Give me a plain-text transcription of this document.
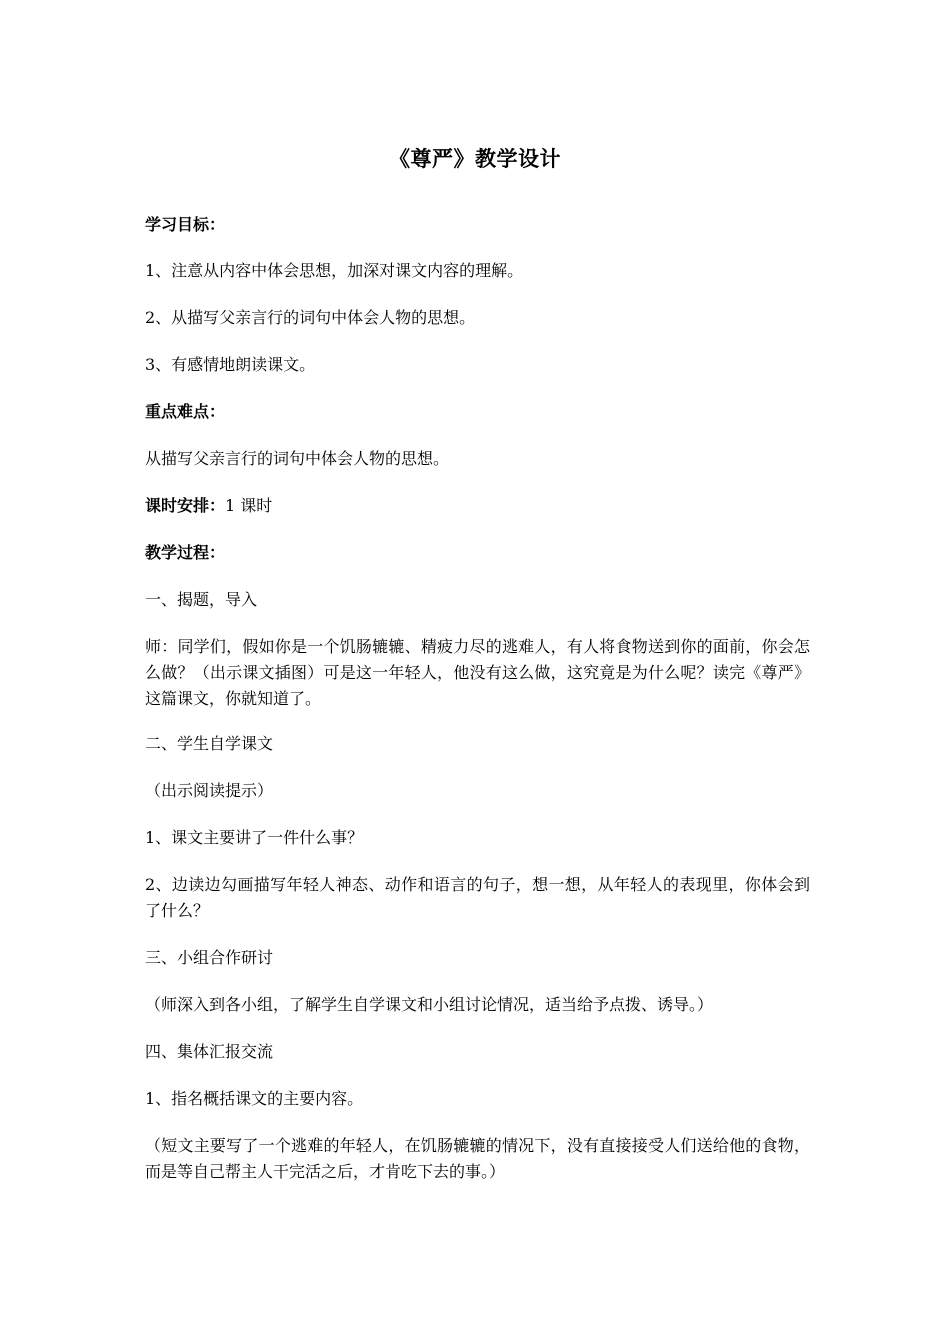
《尊严》教学设计
学习目标：
1、注意从内容中体会思想，加深对课文内容的理解。
2、从描写父亲言行的词句中体会人物的思想。
3、有感情地朗读课文。
重点难点：
从描写父亲言行的词句中体会人物的思想。
课时安排：1 课时
教学过程：
一、揭题，导入
师：同学们，假如你是一个饥肠辘辘、精疲力尽的逃难人，有人将食物送到你的面前，你会怎么做？（出示课文插图）可是这一年轻人，他没有这么做，这究竟是为什么呢？读完《尊严》这篇课文，你就知道了。
二、学生自学课文
（出示阅读提示）
1、课文主要讲了一件什么事？
2、边读边勾画描写年轻人神态、动作和语言的句子，想一想，从年轻人的表现里，你体会到了什么？
三、小组合作研讨
（师深入到各小组，了解学生自学课文和小组讨论情况，适当给予点拨、诱导。）
四、集体汇报交流
1、指名概括课文的主要内容。
（短文主要写了一个逃难的年轻人，在饥肠辘辘的情况下，没有直接接受人们送给他的食物，而是等自己帮主人干完活之后，才肯吃下去的事。）
